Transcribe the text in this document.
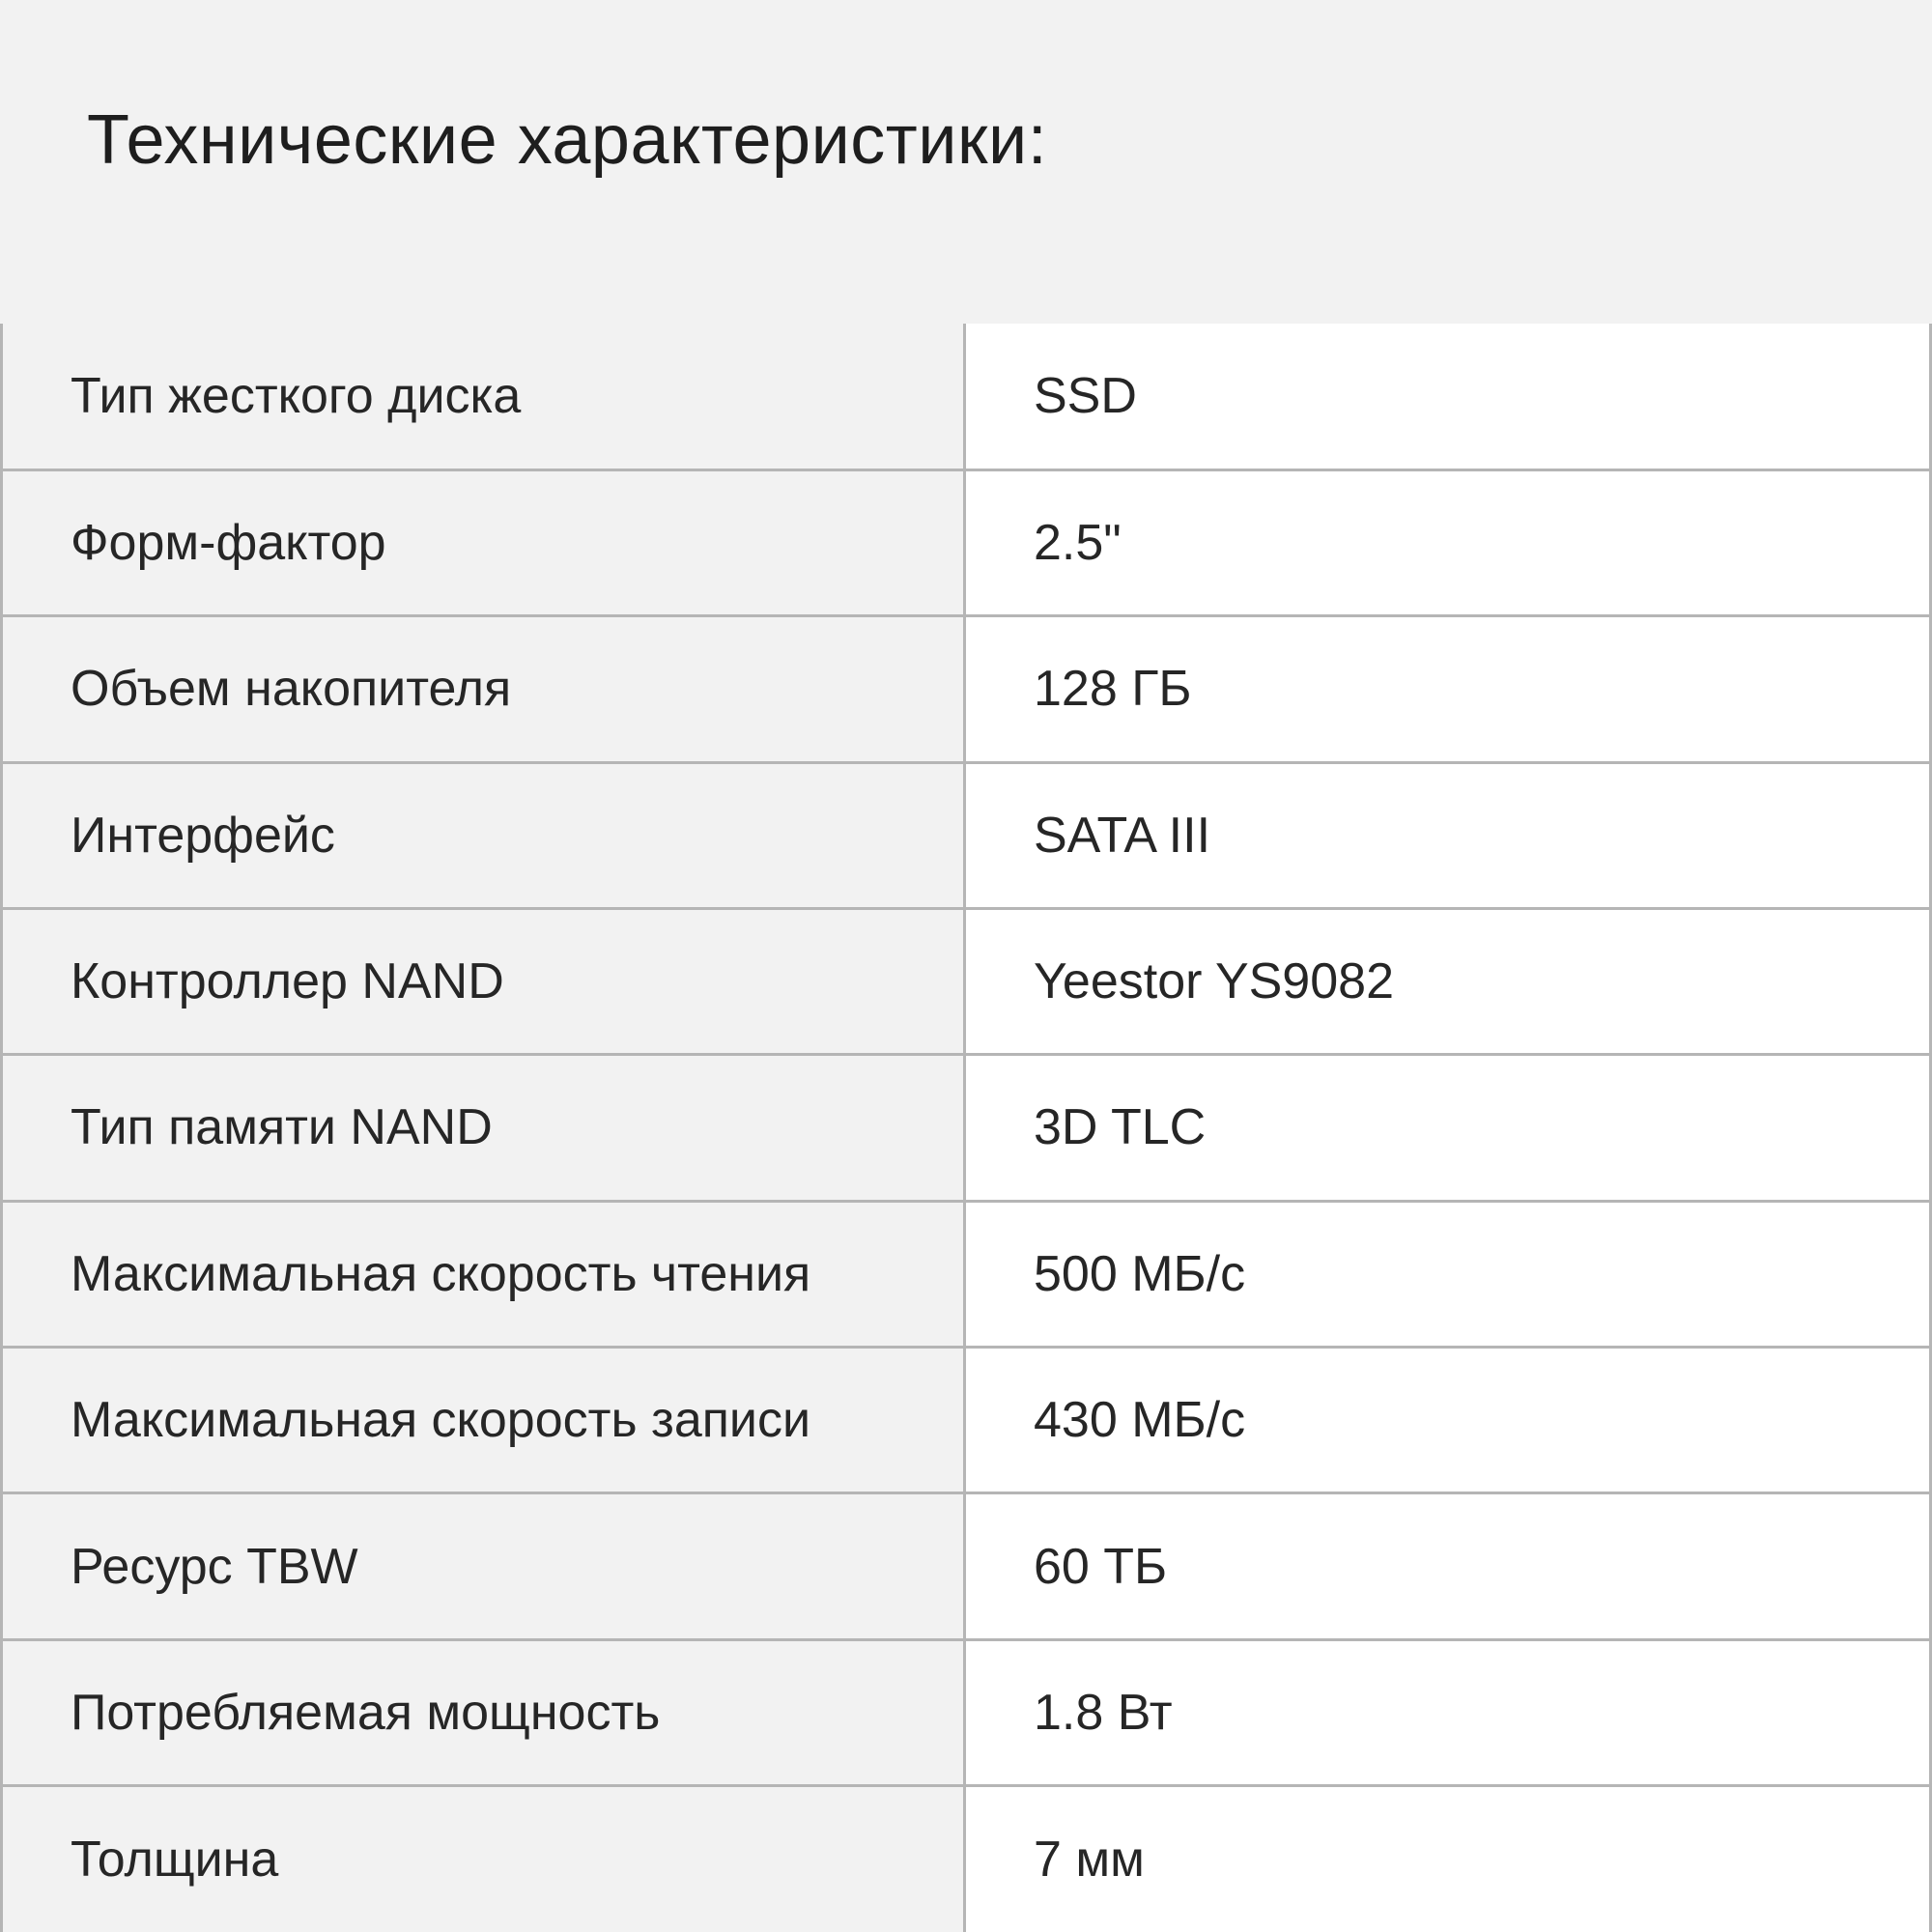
Технические характеристики:
Тип жесткого диска	SSD
Форм-фактор	2.5"
Объем накопителя	128 ГБ
Интерфейс	SATA III
Контроллер NAND	Yeestor YS9082
Тип памяти NAND	3D TLC
Максимальная скорость чтения	500 МБ/с
Максимальная скорость записи	430 МБ/с
Ресурс TBW	60 ТБ
Потребляемая мощность	1.8 Вт
Толщина	7 мм
